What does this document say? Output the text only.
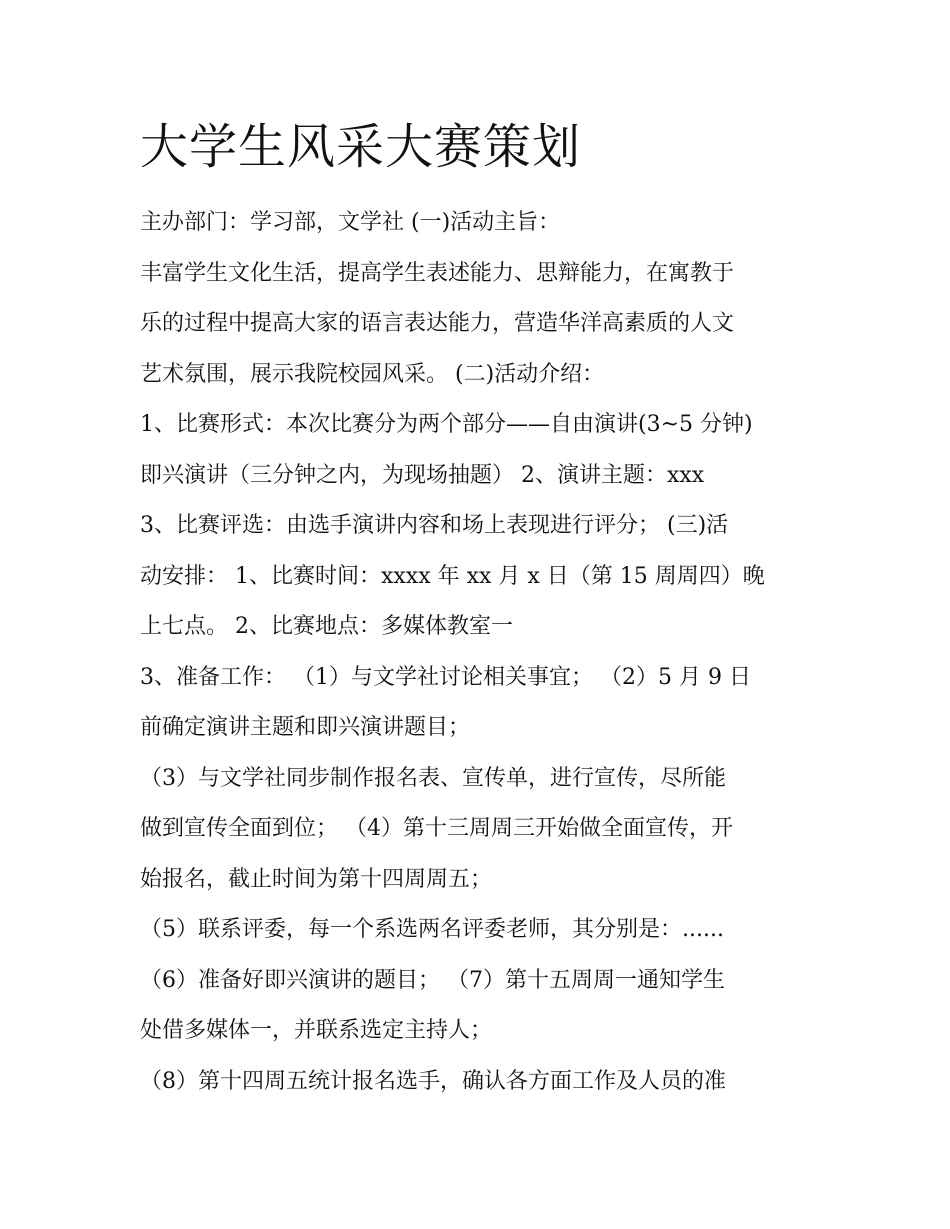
大学生风采大赛策划
主办部门：学习部，文学社 (一)活动主旨：
丰富学生文化生活，提高学生表述能力、思辩能力，在寓教于
乐的过程中提高大家的语言表达能力，营造华洋高素质的人文
艺术氛围，展示我院校园风采。 (二)活动介绍：
1、比赛形式：本次比赛分为两个部分——自由演讲(3~5 分钟)
即兴演讲（三分钟之内，为现场抽题） 2、演讲主题：xxx
3、比赛评选：由选手演讲内容和场上表现进行评分； (三)活
动安排： 1、比赛时间：xxxx 年 xx 月 x 日（第 15 周周四）晚
上七点。 2、比赛地点：多媒体教室一
3、准备工作： （1）与文学社讨论相关事宜； （2）5 月 9 日
前确定演讲主题和即兴演讲题目；
（3）与文学社同步制作报名表、宣传单，进行宣传，尽所能
做到宣传全面到位； （4）第十三周周三开始做全面宣传，开
始报名，截止时间为第十四周周五；
（5）联系评委，每一个系选两名评委老师，其分别是：......
（6）准备好即兴演讲的题目； （7）第十五周周一通知学生
处借多媒体一，并联系选定主持人；
（8）第十四周五统计报名选手，确认各方面工作及人员的准
